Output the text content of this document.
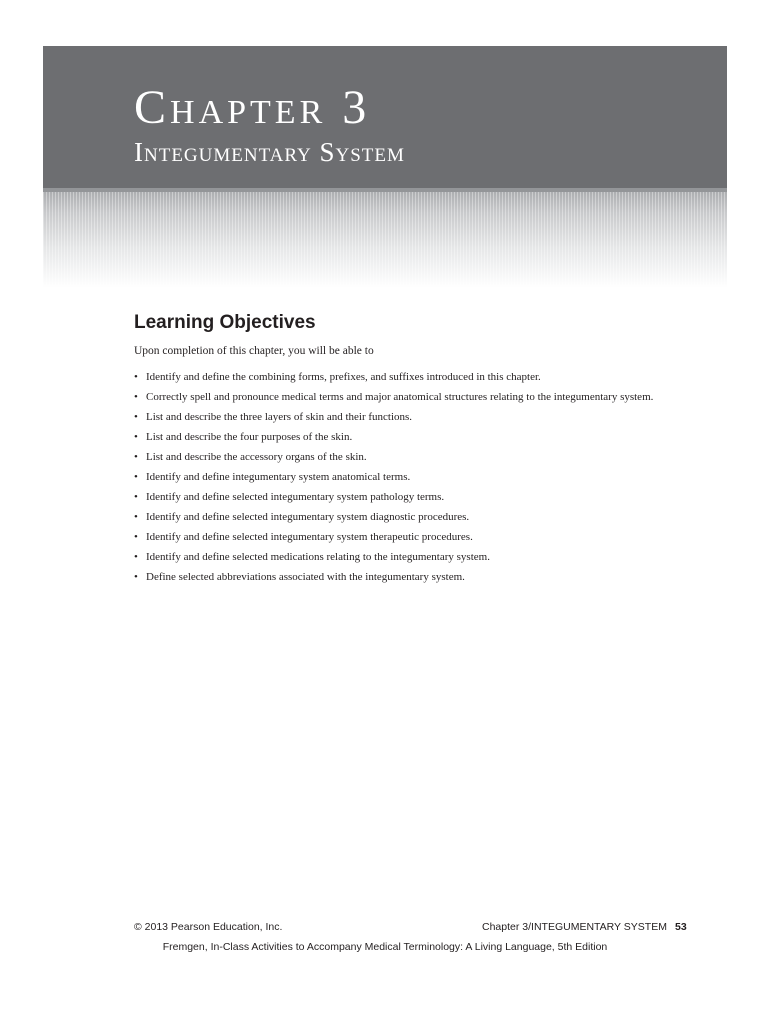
Chapter 3
Integumentary System
Learning Objectives

Upon completion of this chapter, you will be able to

• Identify and define the combining forms, prefixes, and suffixes introduced in this chapter.
• Correctly spell and pronounce medical terms and major anatomical structures relating to the integumentary system.
• List and describe the three layers of skin and their functions.
• List and describe the four purposes of the skin.
• List and describe the accessory organs of the skin.
• Identify and define integumentary system anatomical terms.
• Identify and define selected integumentary system pathology terms.
• Identify and define selected integumentary system diagnostic procedures.
• Identify and define selected integumentary system therapeutic procedures.
• Identify and define selected medications relating to the integumentary system.
• Define selected abbreviations associated with the integumentary system.
© 2013 Pearson Education, Inc.	Chapter 3/INTEGUMENTARY SYSTEM 53
Fremgen, In-Class Activities to Accompany Medical Terminology: A Living Language, 5th Edition
